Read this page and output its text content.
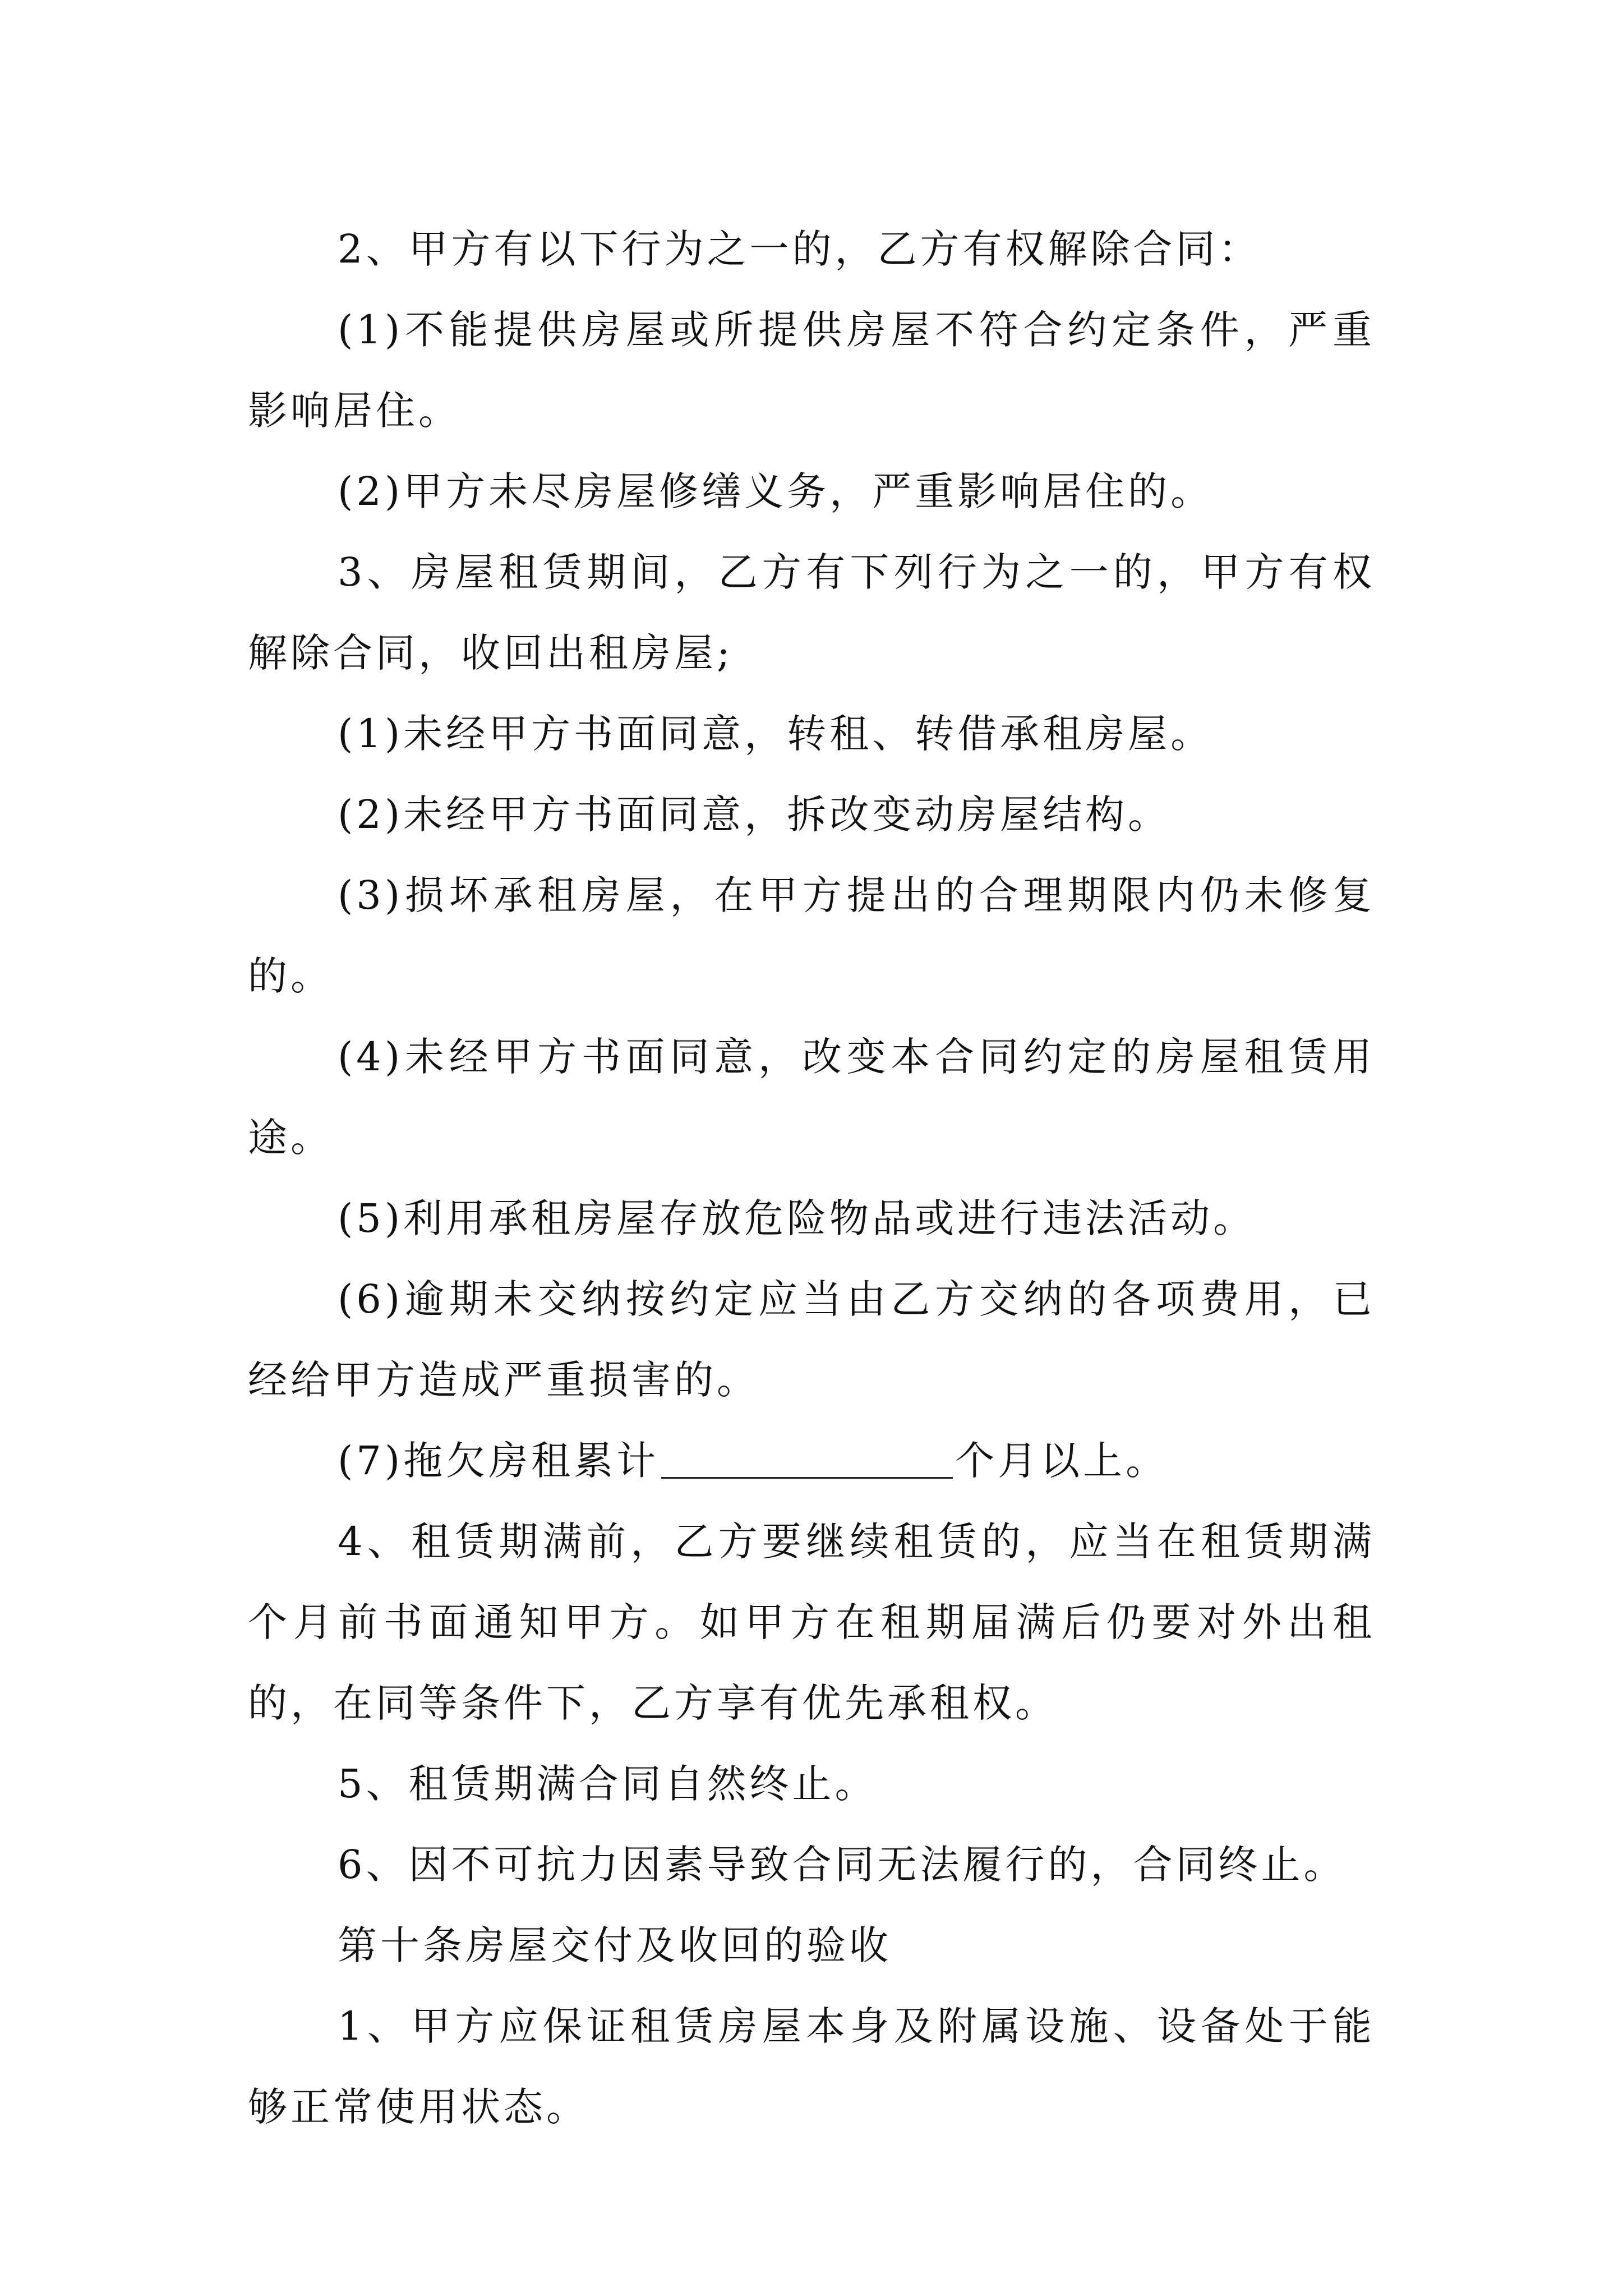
2、甲方有以下行为之一的，乙方有权解除合同：

(1)不能提供房屋或所提供房屋不符合约定条件，严重影响居住。

(2)甲方未尽房屋修缮义务，严重影响居住的。

3、房屋租赁期间，乙方有下列行为之一的，甲方有权解除合同，收回出租房屋;

(1)未经甲方书面同意，转租、转借承租房屋。

(2)未经甲方书面同意，拆改变动房屋结构。

(3)损坏承租房屋，在甲方提出的合理期限内仍未修复的。

(4)未经甲方书面同意，改变本合同约定的房屋租赁用途。

(5)利用承租房屋存放危险物品或进行违法活动。

(6)逾期未交纳按约定应当由乙方交纳的各项费用，已经给甲方造成严重损害的。

(7)拖欠房租累计	个月以上。

4、租赁期满前，乙方要继续租赁的，应当在租赁期满个月前书面通知甲方。如甲方在租期届满后仍要对外出租的，在同等条件下，乙方享有优先承租权。

5、租赁期满合同自然终止。

6、因不可抗力因素导致合同无法履行的，合同终止。

第十条房屋交付及收回的验收

1、甲方应保证租赁房屋本身及附属设施、设备处于能够正常使用状态。
